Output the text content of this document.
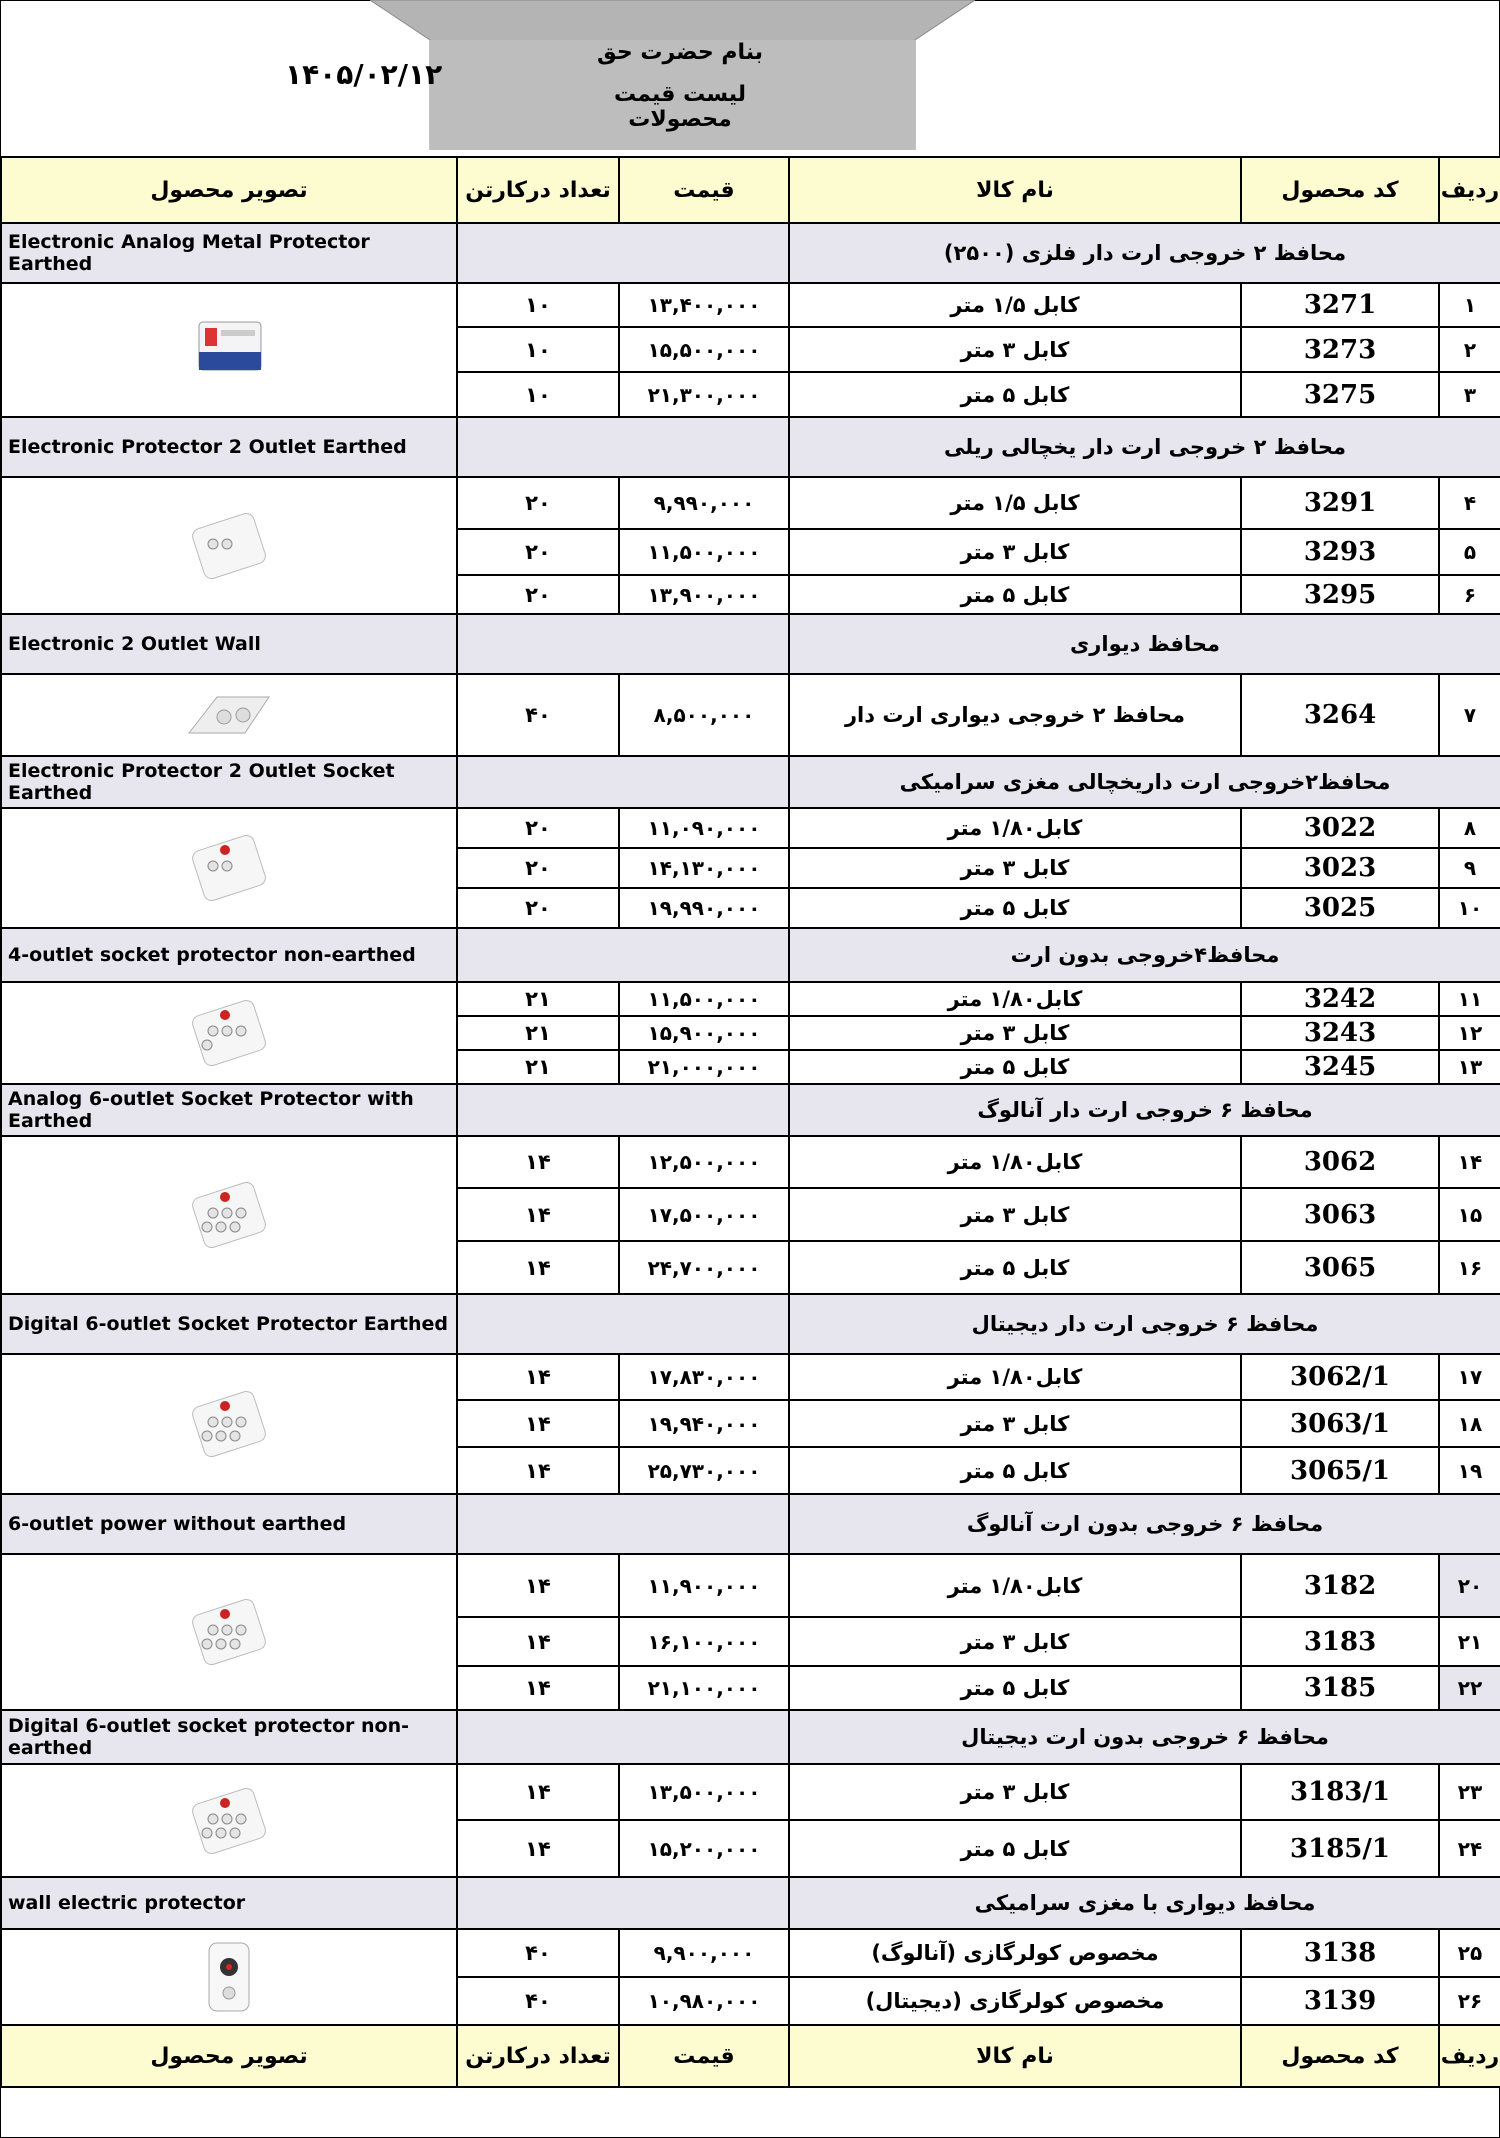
بنام حضرت حق
لیست قیمت محصولات
۱۴۰۵/۰۲/۱۲
تصویر محصول	تعداد درکارتن	قیمت	نام کالا	کد محصول	ردیف
Electronic Analog Metal Protector Earthed			محافظ ۲ خروجی ارت دار فلزی (۲۵۰۰)		

	۱۰	۱۳,۴۰۰,۰۰۰	کابل ۱/۵ متر	3271	۱
	۱۰	۱۵,۵۰۰,۰۰۰	کابل ۳ متر	3273	۲
	۱۰	۲۱,۳۰۰,۰۰۰	کابل ۵ متر	3275	۳
Electronic Protector 2 Outlet Earthed			محافظ ۲ خروجی ارت دار یخچالی ریلی		

	۲۰	۹,۹۹۰,۰۰۰	کابل ۱/۵ متر	3291	۴
	۲۰	۱۱,۵۰۰,۰۰۰	کابل ۳ متر	3293	۵
	۲۰	۱۳,۹۰۰,۰۰۰	کابل ۵ متر	3295	۶
Electronic 2 Outlet Wall			محافظ دیواری		

	۴۰	۸,۵۰۰,۰۰۰	محافظ ۲ خروجی دیواری ارت دار	3264	۷
Electronic Protector 2 Outlet Socket Earthed			محافظ۲خروجی ارت داریخچالی مغزی سرامیکی		

	۲۰	۱۱,۰۹۰,۰۰۰	کابل۱/۸۰ متر	3022	۸
	۲۰	۱۴,۱۳۰,۰۰۰	کابل ۳ متر	3023	۹
	۲۰	۱۹,۹۹۰,۰۰۰	کابل ۵ متر	3025	۱۰
4-outlet socket protector non-earthed			محافظ۴خروجی بدون ارت		

	۲۱	۱۱,۵۰۰,۰۰۰	کابل۱/۸۰ متر	3242	۱۱
	۲۱	۱۵,۹۰۰,۰۰۰	کابل ۳ متر	3243	۱۲
	۲۱	۲۱,۰۰۰,۰۰۰	کابل ۵ متر	3245	۱۳
Analog 6-outlet Socket Protector with Earthed			محافظ ۶ خروجی ارت دار آنالوگ		

	۱۴	۱۲,۵۰۰,۰۰۰	کابل۱/۸۰ متر	3062	۱۴
	۱۴	۱۷,۵۰۰,۰۰۰	کابل ۳ متر	3063	۱۵
	۱۴	۲۴,۷۰۰,۰۰۰	کابل ۵ متر	3065	۱۶
Digital 6-outlet Socket Protector Earthed			محافظ ۶ خروجی ارت دار دیجیتال		

	۱۴	۱۷,۸۳۰,۰۰۰	کابل۱/۸۰ متر	3062/1	۱۷
	۱۴	۱۹,۹۴۰,۰۰۰	کابل ۳ متر	3063/1	۱۸
	۱۴	۲۵,۷۳۰,۰۰۰	کابل ۵ متر	3065/1	۱۹
6-outlet power without earthed			محافظ ۶ خروجی بدون ارت آنالوگ		

	۱۴	۱۱,۹۰۰,۰۰۰	کابل۱/۸۰ متر	3182	۲۰
	۱۴	۱۶,۱۰۰,۰۰۰	کابل ۳ متر	3183	۲۱
	۱۴	۲۱,۱۰۰,۰۰۰	کابل ۵ متر	3185	۲۲
Digital 6-outlet socket protector non-earthed			محافظ ۶ خروجی بدون ارت دیجیتال		

	۱۴	۱۳,۵۰۰,۰۰۰	کابل ۳ متر	3183/1	۲۳
	۱۴	۱۵,۲۰۰,۰۰۰	کابل ۵ متر	3185/1	۲۴
wall electric protector			محافظ دیواری با مغزی سرامیکی		

	۴۰	۹,۹۰۰,۰۰۰	مخصوص کولرگازی (آنالوگ)	3138	۲۵
	۴۰	۱۰,۹۸۰,۰۰۰	مخصوص کولرگازی (دیجیتال)	3139	۲۶
تصویر محصول	تعداد درکارتن	قیمت	نام کالا	کد محصول	ردیف
